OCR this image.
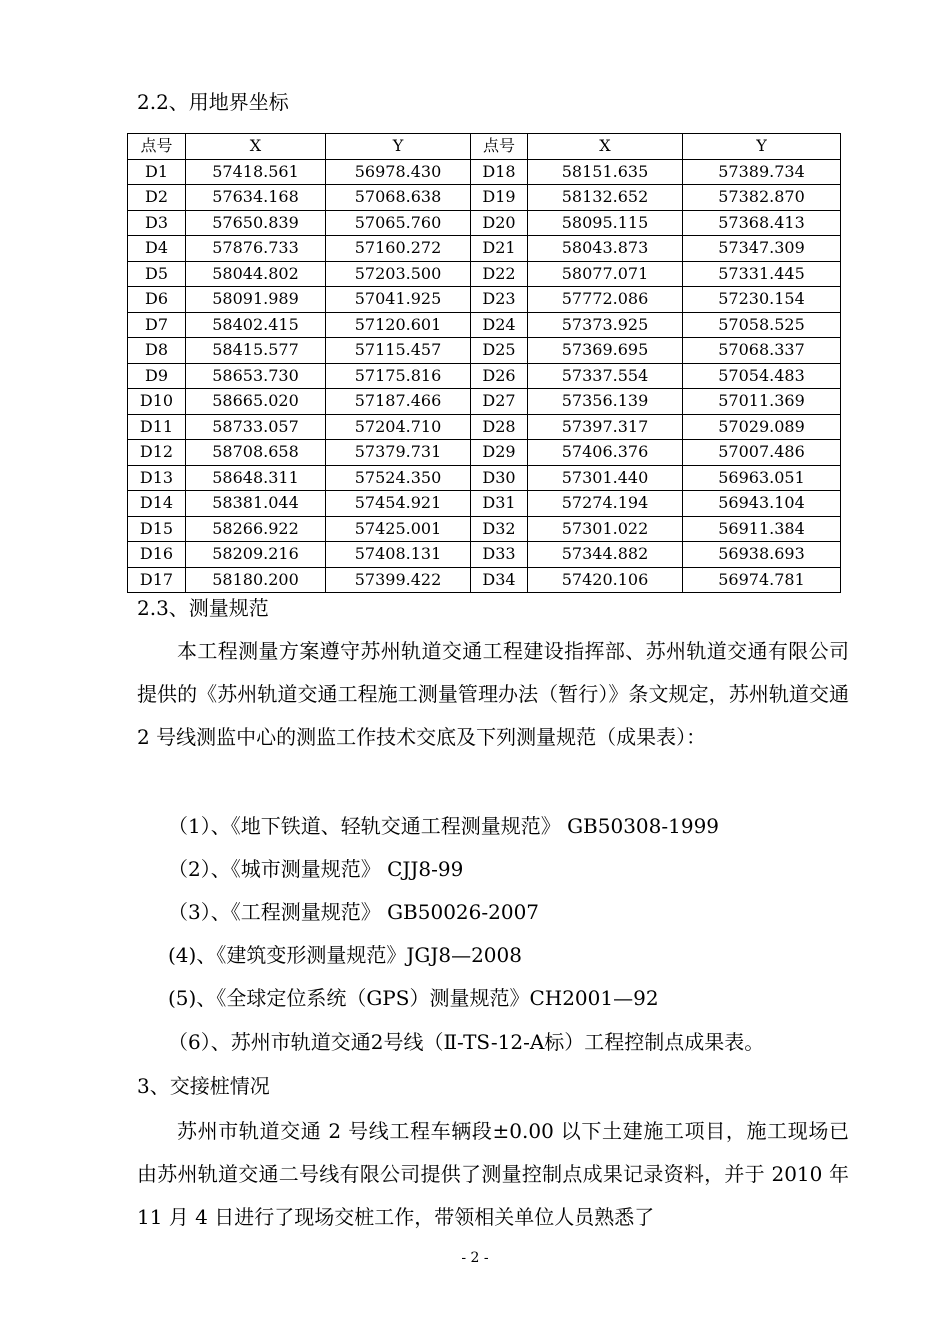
2.2、用地界坐标
点号	X	Y	点号	X	Y
D1	57418.561	56978.430	D18	58151.635	57389.734
D2	57634.168	57068.638	D19	58132.652	57382.870
D3	57650.839	57065.760	D20	58095.115	57368.413
D4	57876.733	57160.272	D21	58043.873	57347.309
D5	58044.802	57203.500	D22	58077.071	57331.445
D6	58091.989	57041.925	D23	57772.086	57230.154
D7	58402.415	57120.601	D24	57373.925	57058.525
D8	58415.577	57115.457	D25	57369.695	57068.337
D9	58653.730	57175.816	D26	57337.554	57054.483
D10	58665.020	57187.466	D27	57356.139	57011.369
D11	58733.057	57204.710	D28	57397.317	57029.089
D12	58708.658	57379.731	D29	57406.376	57007.486
D13	58648.311	57524.350	D30	57301.440	56963.051
D14	58381.044	57454.921	D31	57274.194	56943.104
D15	58266.922	57425.001	D32	57301.022	56911.384
D16	58209.216	57408.131	D33	57344.882	56938.693
D17	58180.200	57399.422	D34	57420.106	56974.781
2.3、测量规范
本工程测量方案遵守苏州轨道交通工程建设指挥部、苏州轨道交通有限公司提供的《苏州轨道交通工程施工测量管理办法（暂行）》条文规定，苏州轨道交通 2 号线测监中心的测监工作技术交底及下列测量规范（成果表）：
（1）、《地下铁道、轻轨交通工程测量规范》 GB50308-1999
（2）、《城市测量规范》 CJJ8-99
（3）、《工程测量规范》 GB50026-2007
(4)、《建筑变形测量规范》JGJ8—2008
(5)、《全球定位系统（GPS）测量规范》CH2001—92
（6）、苏州市轨道交通2号线（Ⅱ-TS-12-A标）工程控制点成果表。
3、交接桩情况
苏州市轨道交通 2 号线工程车辆段±0.00 以下土建施工项目，施工现场已由苏州轨道交通二号线有限公司提供了测量控制点成果记录资料，并于 2010 年 11 月 4 日进行了现场交桩工作，带领相关单位人员熟悉了
- 2 -
